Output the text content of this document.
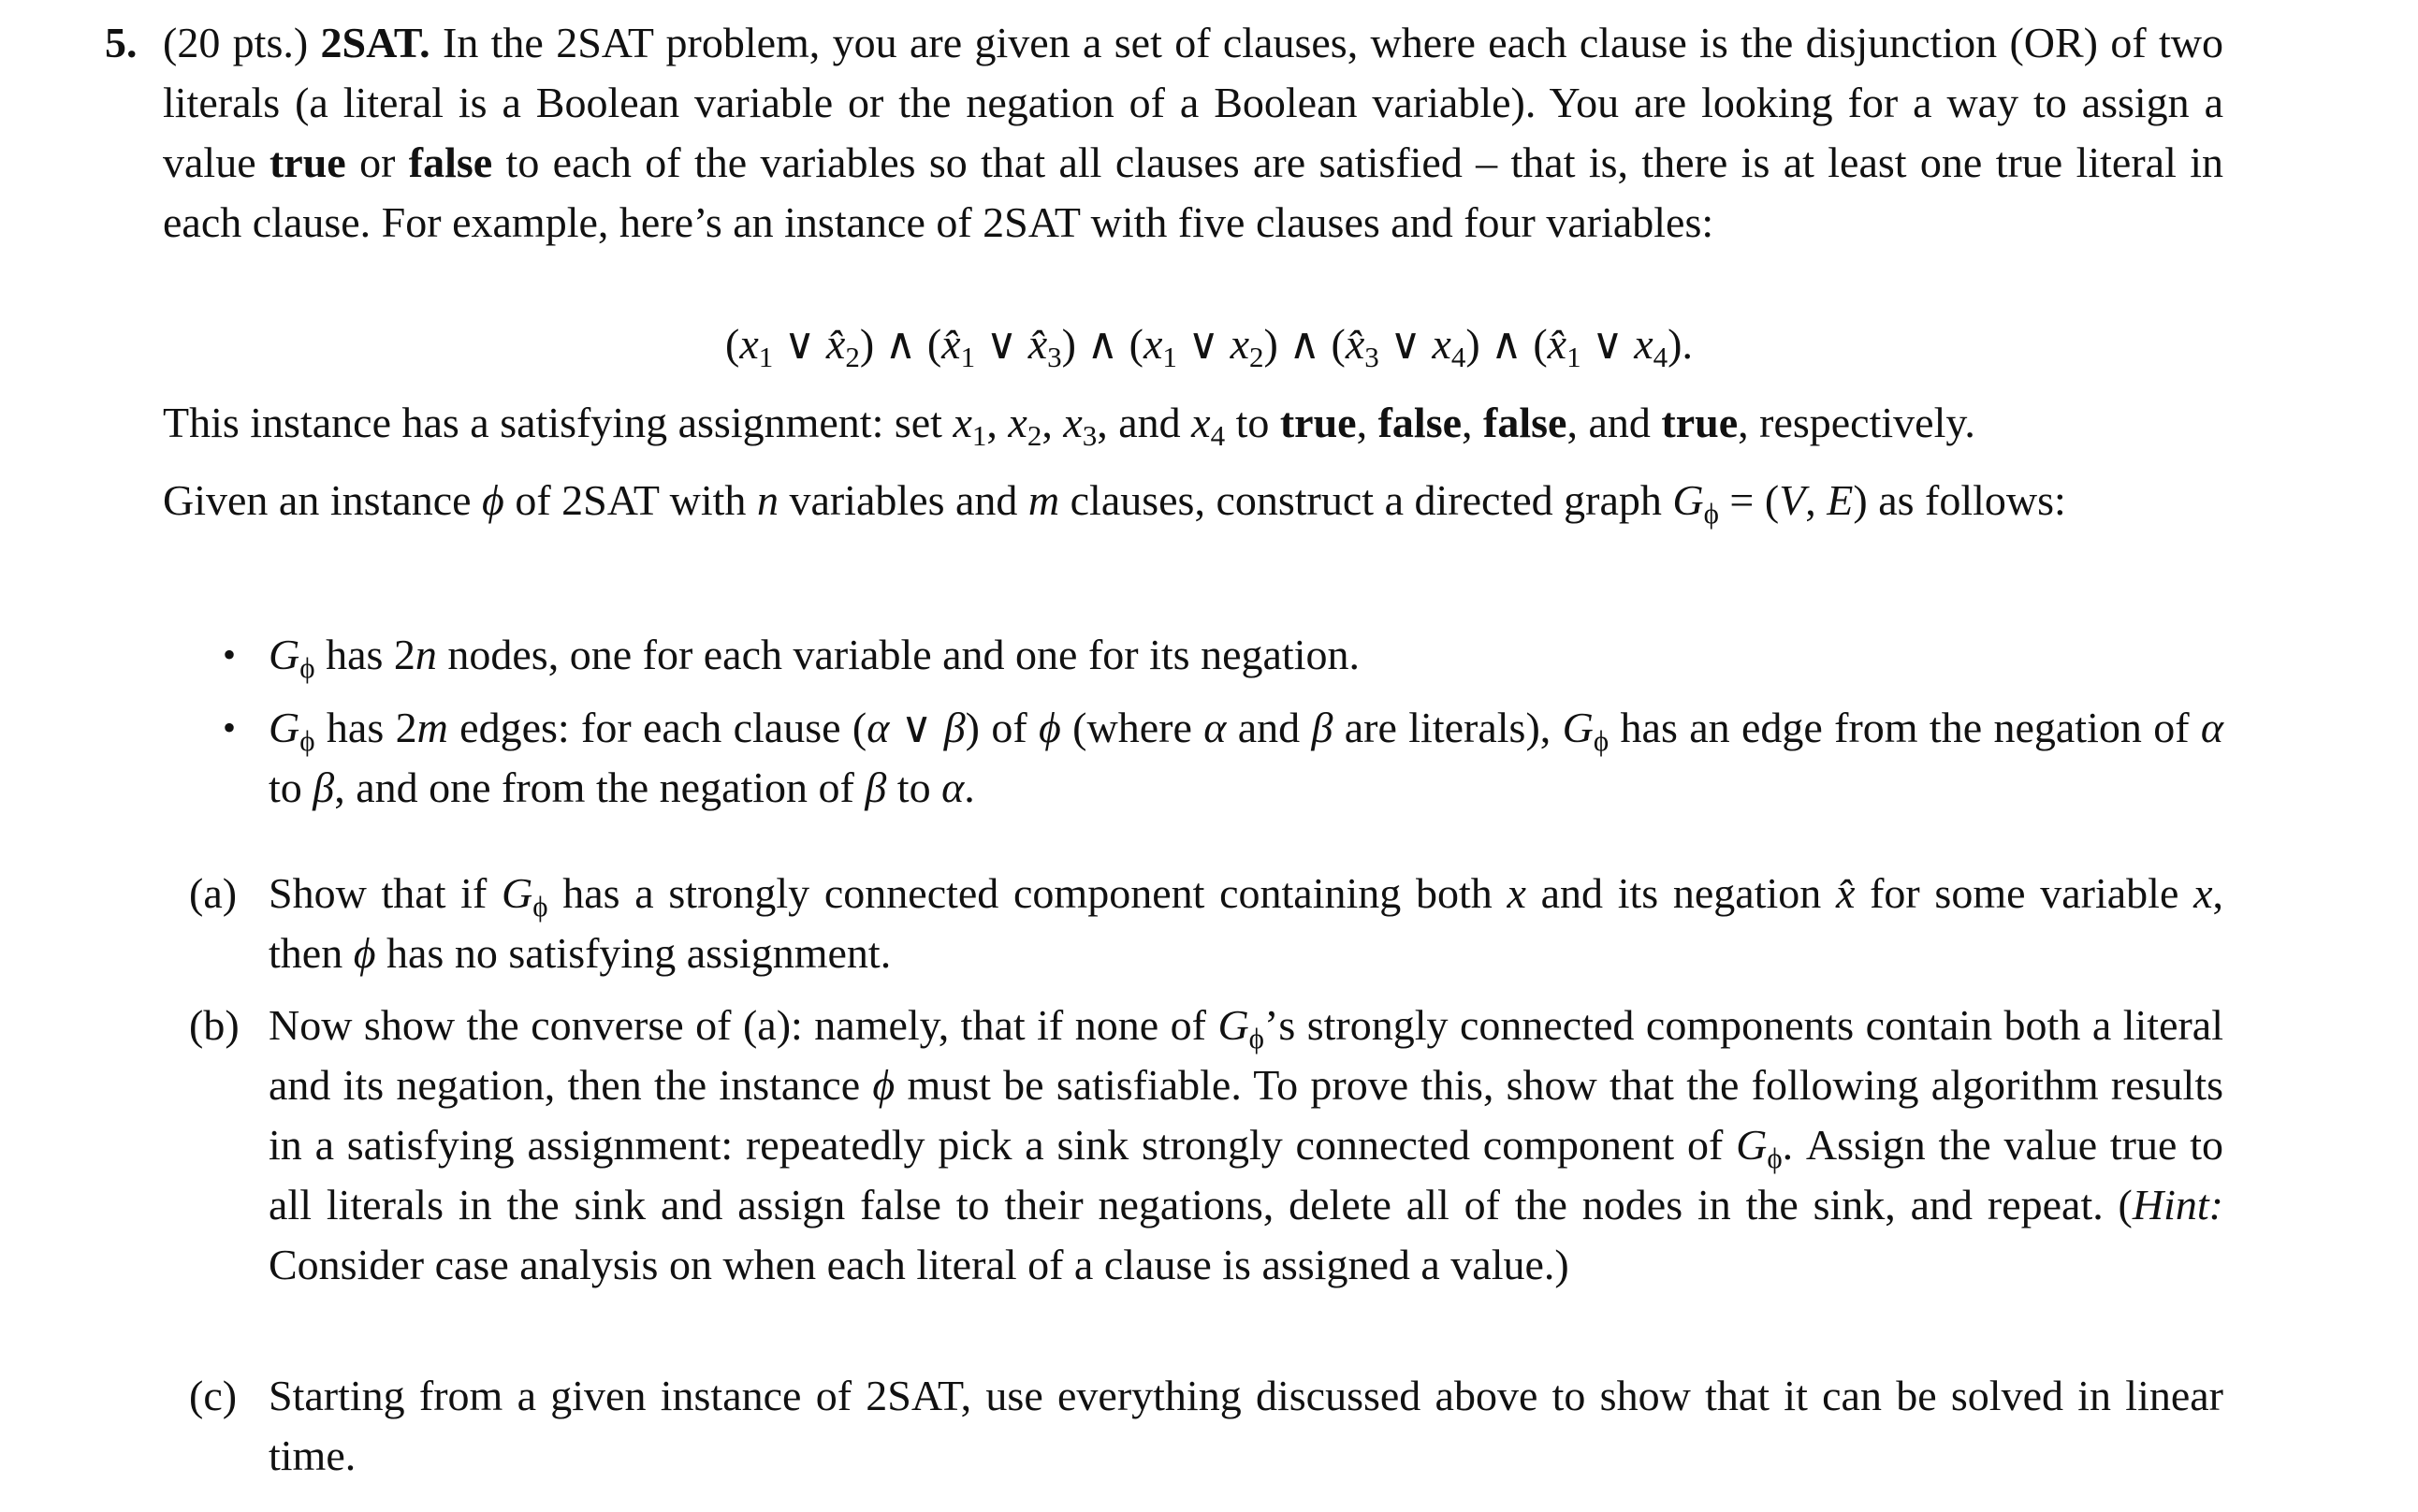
5. (20 pts.) 2SAT. In the 2SAT problem, you are given a set of clauses, where each clause is the disjunction (OR) of two literals (a literal is a Boolean variable or the negation of a Boolean variable). You are looking for a way to assign a value true or false to each of the variables so that all clauses are satisfied – that is, there is at least one true literal in each clause. For example, here’s an instance of 2SAT with five clauses and four variables:
($x_1$ ∨ $x̂_2$) ∧ ($x̂_1$ ∨ $x̂_3$) ∧ ($x_1$ ∨ $x_2$) ∧ ($x̂_3$ ∨ $x_4$) ∧ ($x̂_1$ ∨ $x_4$).
This instance has a satisfying assignment: set $x_1$, $x_2$, $x_3$, and $x_4$ to true, false, false, and true, respectively.
Given an instance ϕ of 2SAT with n variables and m clauses, construct a directed graph $G_\phi = (V$, E) as follows:
• $G_\phi$ has 2n nodes, one for each variable and one for its negation.
• $G_\phi$ has 2m edges: for each clause (α ∨ β) of ϕ (where α and β are literals), $G_\phi$ has an edge from the negation of α to β, and one from the negation of β to α.
(a) Show that if $G_\phi$ has a strongly connected component containing both x and its negation x̂ for some variable x, then ϕ has no satisfying assignment.
(b) Now show the converse of (a): namely, that if none of $G_\phi’s$ strongly connected components contain both a literal and its negation, then the instance ϕ must be satisfiable. To prove this, show that the following algorithm results in a satisfying assignment: repeatedly pick a sink strongly connected component of $G_\phi$. Assign the value true to all literals in the sink and assign false to their negations, delete all of the nodes in the sink, and repeat. (Hint: Consider case analysis on when each literal of a clause is assigned a value.)
(c) Starting from a given instance of 2SAT, use everything discussed above to show that it can be solved in linear time.
